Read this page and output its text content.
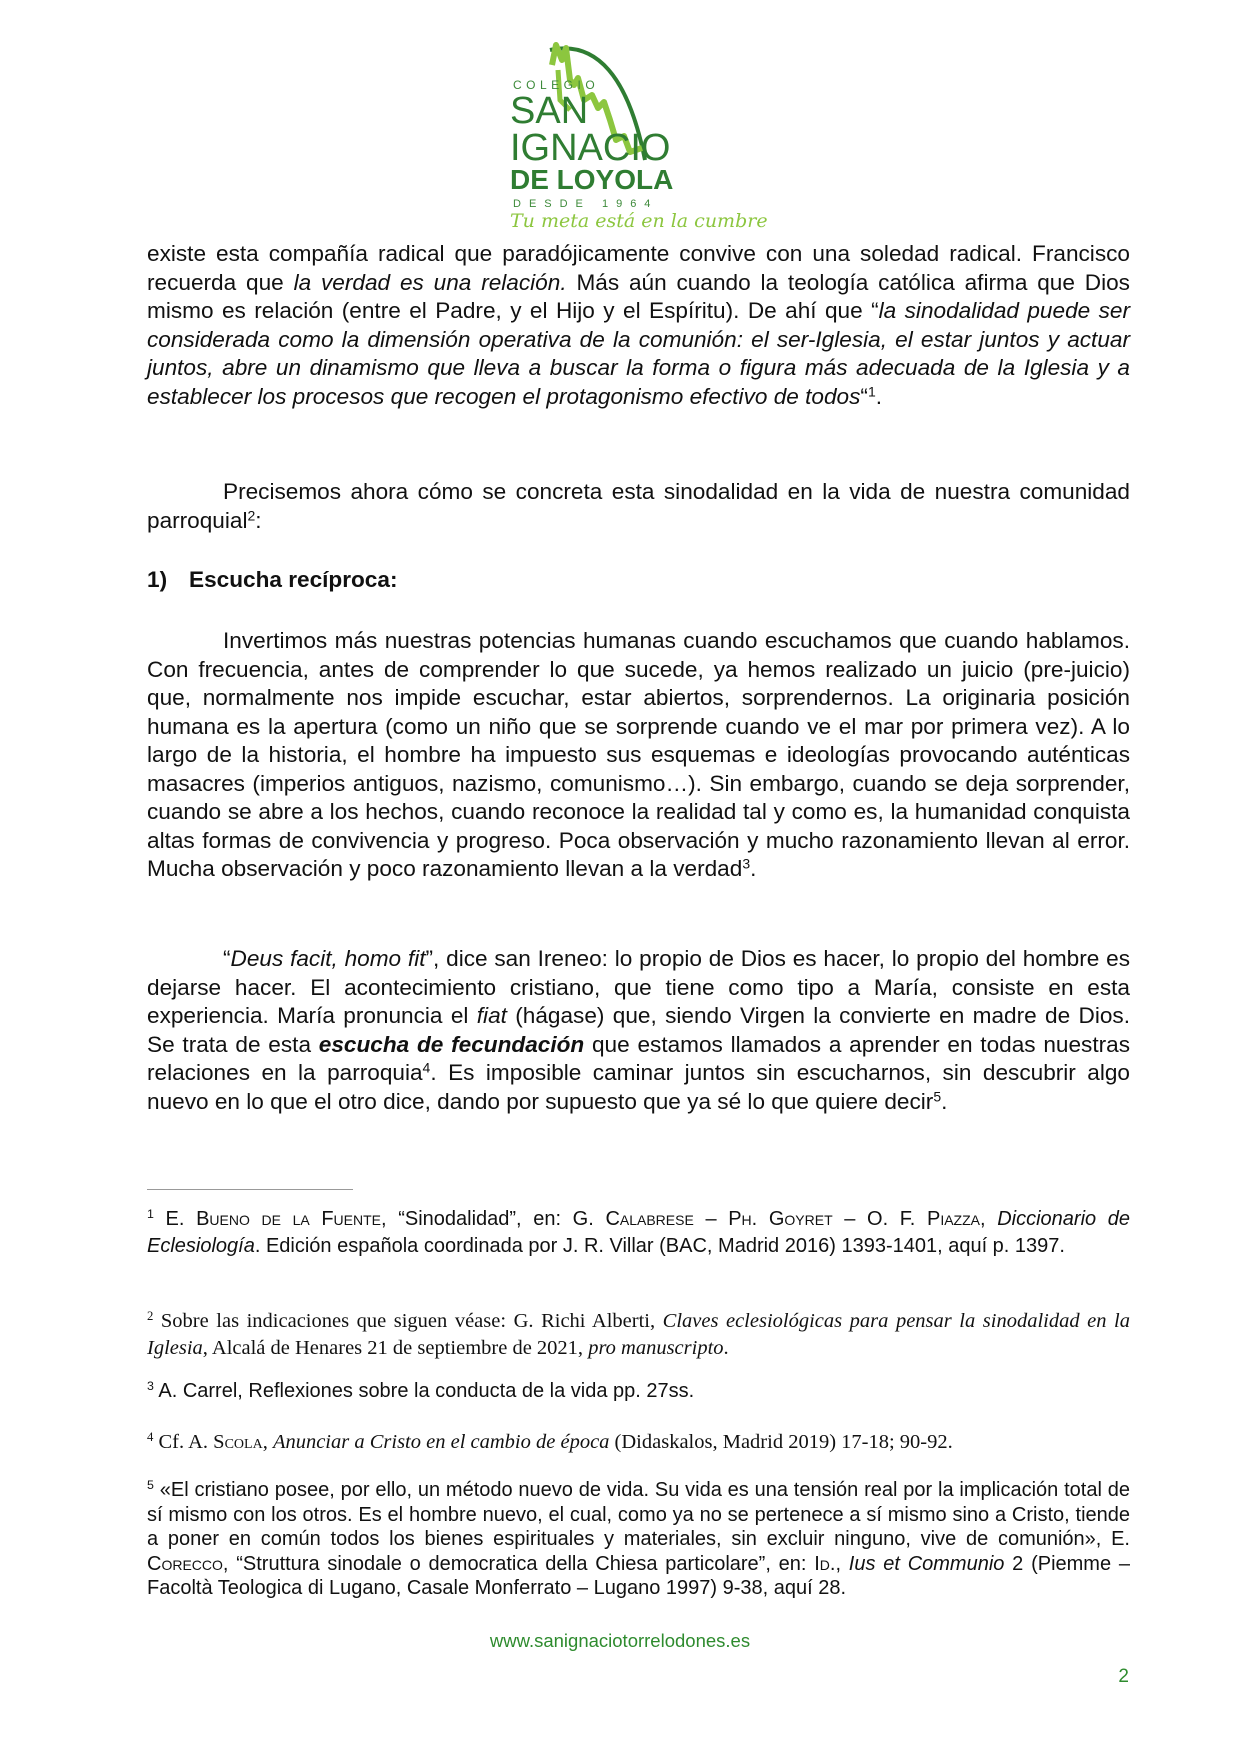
COLEGIO
SAN
IGNACIO
DE LOYOLA
DESDE 1964
Tu meta está en la cumbre

existe esta compañía radical que paradójicamente convive con una soledad radical. Francisco recuerda que la verdad es una relación. Más aún cuando la teología católica afirma que Dios mismo es relación (entre el Padre, y el Hijo y el Espíritu). De ahí que “la sinodalidad puede ser considerada como la dimensión operativa de la comunión: el ser-Iglesia, el estar juntos y actuar juntos, abre un dinamismo que lleva a buscar la forma o figura más adecuada de la Iglesia y a establecer los procesos que recogen el protagonismo efectivo de todos“$^1$.

Precisemos ahora cómo se concreta esta sinodalidad en la vida de nuestra comunidad parroquial$^2$:

1) Escucha recíproca:

Invertimos más nuestras potencias humanas cuando escuchamos que cuando hablamos. Con frecuencia, antes de comprender lo que sucede, ya hemos realizado un juicio (pre-juicio) que, normalmente nos impide escuchar, estar abiertos, sorprendernos. La originaria posición humana es la apertura (como un niño que se sorprende cuando ve el mar por primera vez). A lo largo de la historia, el hombre ha impuesto sus esquemas e ideologías provocando auténticas masacres (imperios antiguos, nazismo, comunismo…). Sin embargo, cuando se deja sorprender, cuando se abre a los hechos, cuando reconoce la realidad tal y como es, la humanidad conquista altas formas de convivencia y progreso. Poca observación y mucho razonamiento llevan al error. Mucha observación y poco razonamiento llevan a la verdad$^3$.

“Deus facit, homo fit”, dice san Ireneo: lo propio de Dios es hacer, lo propio del hombre es dejarse hacer. El acontecimiento cristiano, que tiene como tipo a María, consiste en esta experiencia. María pronuncia el fiat (hágase) que, siendo Virgen la convierte en madre de Dios. Se trata de esta escucha de fecundación que estamos llamados a aprender en todas nuestras relaciones en la parroquia$^4$. Es imposible caminar juntos sin escucharnos, sin descubrir algo nuevo en lo que el otro dice, dando por supuesto que ya sé lo que quiere decir$^5$.

$^1$ E. Bueno de la Fuente, “Sinodalidad”, en: G. Calabrese – Ph. Goyret – O. F. Piazza, Diccionario de Eclesiología. Edición española coordinada por J. R. Villar (BAC, Madrid 2016) 1393-1401, aquí p. 1397.

$^2$ Sobre las indicaciones que siguen véase: G. Richi Alberti, Claves eclesiológicas para pensar la sinodalidad en la Iglesia, Alcalá de Henares 21 de septiembre de 2021, pro manuscripto.

$^3$ A. Carrel, Reflexiones sobre la conducta de la vida pp. 27ss.

$^4$ Cf. A. Scola, Anunciar a Cristo en el cambio de época (Didaskalos, Madrid 2019) 17-18; 90-92.

$^5$ «El cristiano posee, por ello, un método nuevo de vida. Su vida es una tensión real por la implicación total de sí mismo con los otros. Es el hombre nuevo, el cual, como ya no se pertenece a sí mismo sino a Cristo, tiende a poner en común todos los bienes espirituales y materiales, sin excluir ninguno, vive de comunión», E. Corecco, “Struttura sinodale o democratica della Chiesa particolare”, en: Id., Ius et Communio 2 (Piemme – Facoltà Teologica di Lugano, Casale Monferrato – Lugano 1997) 9-38, aquí 28.

www.sanignaciotorrelodones.es
2
